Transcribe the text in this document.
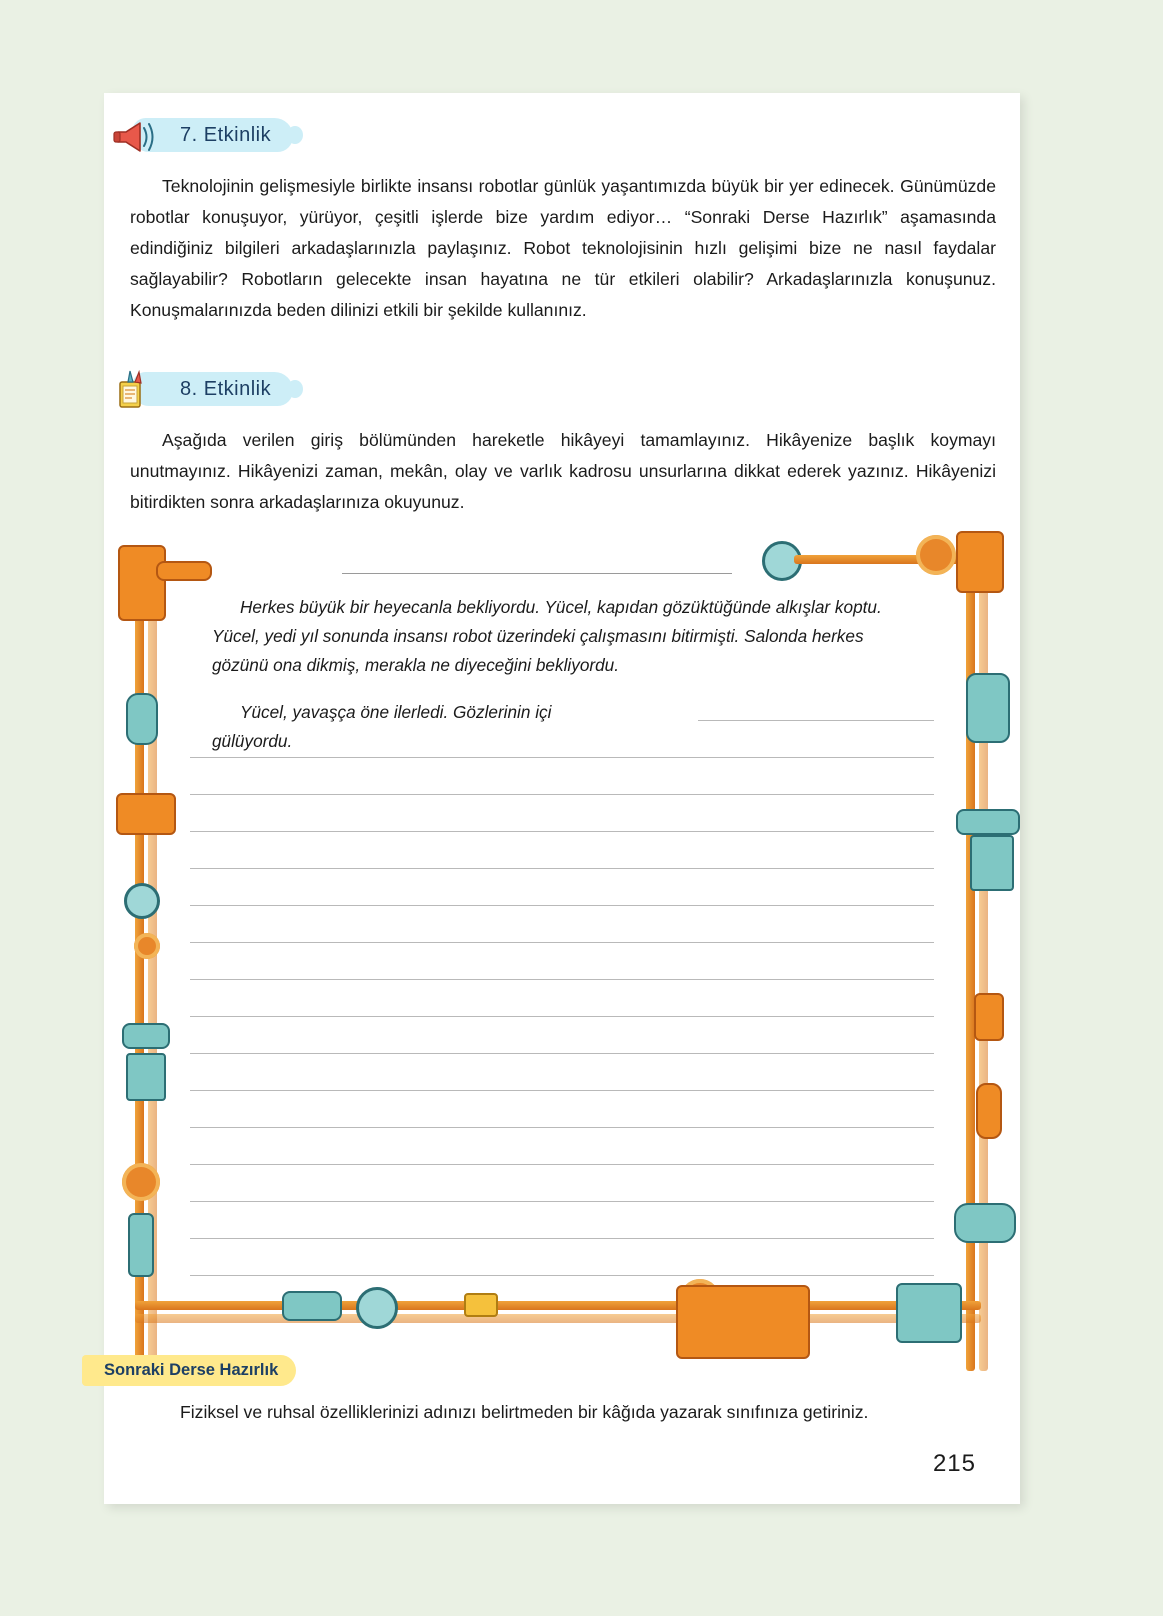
7. Etkinlik
Teknolojinin gelişmesiyle birlikte insansı robotlar günlük yaşantımızda büyük bir yer edinecek. Günümüzde robotlar konuşuyor, yürüyor, çeşitli işlerde bize yardım ediyor… “Sonraki Derse Hazırlık” aşamasında edindiğiniz bilgileri arkadaşlarınızla paylaşınız. Robot teknolojisinin hızlı gelişimi bize ne nasıl faydalar sağlayabilir? Robotların gelecekte insan hayatına ne tür etkileri olabilir? Arkadaşlarınızla konuşunuz. Konuşmalarınızda beden dilinizi etkili bir şekilde kullanınız.
8. Etkinlik
Aşağıda verilen giriş bölümünden hareketle hikâyeyi tamamlayınız. Hikâyenize başlık koymayı unutmayınız. Hikâyenizi zaman, mekân, olay ve varlık kadrosu unsurlarına dikkat ederek yazınız. Hikâyenizi bitirdikten sonra arkadaşlarınıza okuyunuz.
Herkes büyük bir heyecanla bekliyordu. Yücel, kapıdan gözüktüğünde alkışlar koptu. Yücel, yedi yıl sonunda insansı robot üzerindeki çalışmasını bitirmişti. Salonda herkes gözünü ona dikmiş, merakla ne diyeceğini bekliyordu.
Yücel, yavaşça öne ilerledi. Gözlerinin içi gülüyordu.
Sonraki Derse Hazırlık
Fiziksel ve ruhsal özelliklerinizi adınızı belirtmeden bir kâğıda yazarak sınıfınıza getiriniz.
215
